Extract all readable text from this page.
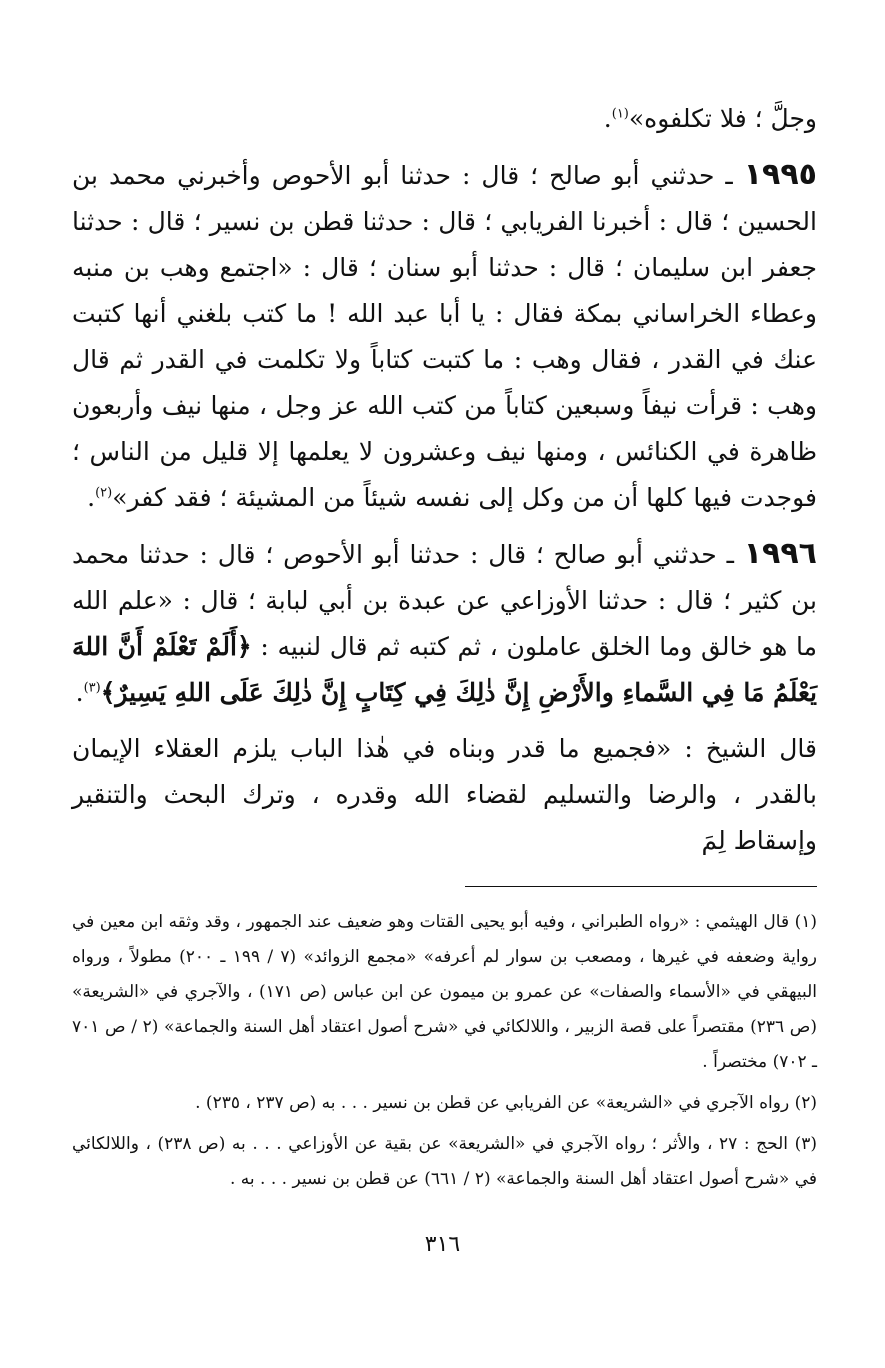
وجلَّ ؛ فلا تكلفوه»$^{(١)}$.

١٩٩٥ ـ حدثني أبو صالح ؛ قال : حدثنا أبو الأحوص وأخبرني محمد بن الحسين ؛ قال : أخبرنا الفريابي ؛ قال : حدثنا قطن بن نسير ؛ قال : حدثنا جعفر ابن سليمان ؛ قال : حدثنا أبو سنان ؛ قال : «اجتمع وهب بن منبه وعطاء الخراساني بمكة فقال : يا أبا عبد الله ! ما كتب بلغني أنها كتبت عنك في القدر ، فقال وهب : ما كتبت كتاباً ولا تكلمت في القدر ثم قال وهب : قرأت نيفاً وسبعين كتاباً من كتب الله عز وجل ، منها نيف وأربعون ظاهرة في الكنائس ، ومنها نيف وعشرون لا يعلمها إلا قليل من الناس ؛ فوجدت فيها كلها أن من وكل إلى نفسه شيئاً من المشيئة ؛ فقد كفر»$^{(٢)}$.

١٩٩٦ ـ حدثني أبو صالح ؛ قال : حدثنا أبو الأحوص ؛ قال : حدثنا محمد بن كثير ؛ قال : حدثنا الأوزاعي عن عبدة بن أبي لبابة ؛ قال : «علم الله ما هو خالق وما الخلق عاملون ، ثم كتبه ثم قال لنبيه : ﴿أَلَمْ تَعْلَمْ أَنَّ اللهَ يَعْلَمُ مَا فِي السَّماءِ والأَرْضِ إِنَّ ذٰلِكَ فِي كِتَابٍ إِنَّ ذٰلِكَ عَلَى اللهِ يَسِيرٌ﴾$^{(٣)}$.

قال الشيخ : «فجميع ما قدر وبناه في هٰذا الباب يلزم العقلاء الإيمان بالقدر ، والرضا والتسليم لقضاء الله وقدره ، وترك البحث والتنقير وإسقاط لِمَ

(١) قال الهيثمي : «رواه الطبراني ، وفيه أبو يحيى القتات وهو ضعيف عند الجمهور ، وقد وثقه ابن معين في رواية وضعفه في غيرها ، ومصعب بن سوار لم أعرفه» «مجمع الزوائد» (٧ / ١٩٩ ـ ٢٠٠) مطولاً ، ورواه البيهقي في «الأسماء والصفات» عن عمرو بن ميمون عن ابن عباس (ص ١٧١) ، والآجري في «الشريعة» (ص ٢٣٦) مقتصراً على قصة الزبير ، واللالكائي في «شرح أصول اعتقاد أهل السنة والجماعة» (٢ / ص ٧٠١ ـ ٧٠٢) مختصراً .

(٢) رواه الآجري في «الشريعة» عن الفريابي عن قطن بن نسير . . . به (ص ٢٣٧ ، ٢٣٥) .

(٣) الحج : ٢٧ ، والأثر ؛ رواه الآجري في «الشريعة» عن بقية عن الأوزاعي . . . به (ص ٢٣٨) ، واللالكائي في «شرح أصول اعتقاد أهل السنة والجماعة» (٢ / ٦٦١) عن قطن بن نسير . . . به .

٣١٦
